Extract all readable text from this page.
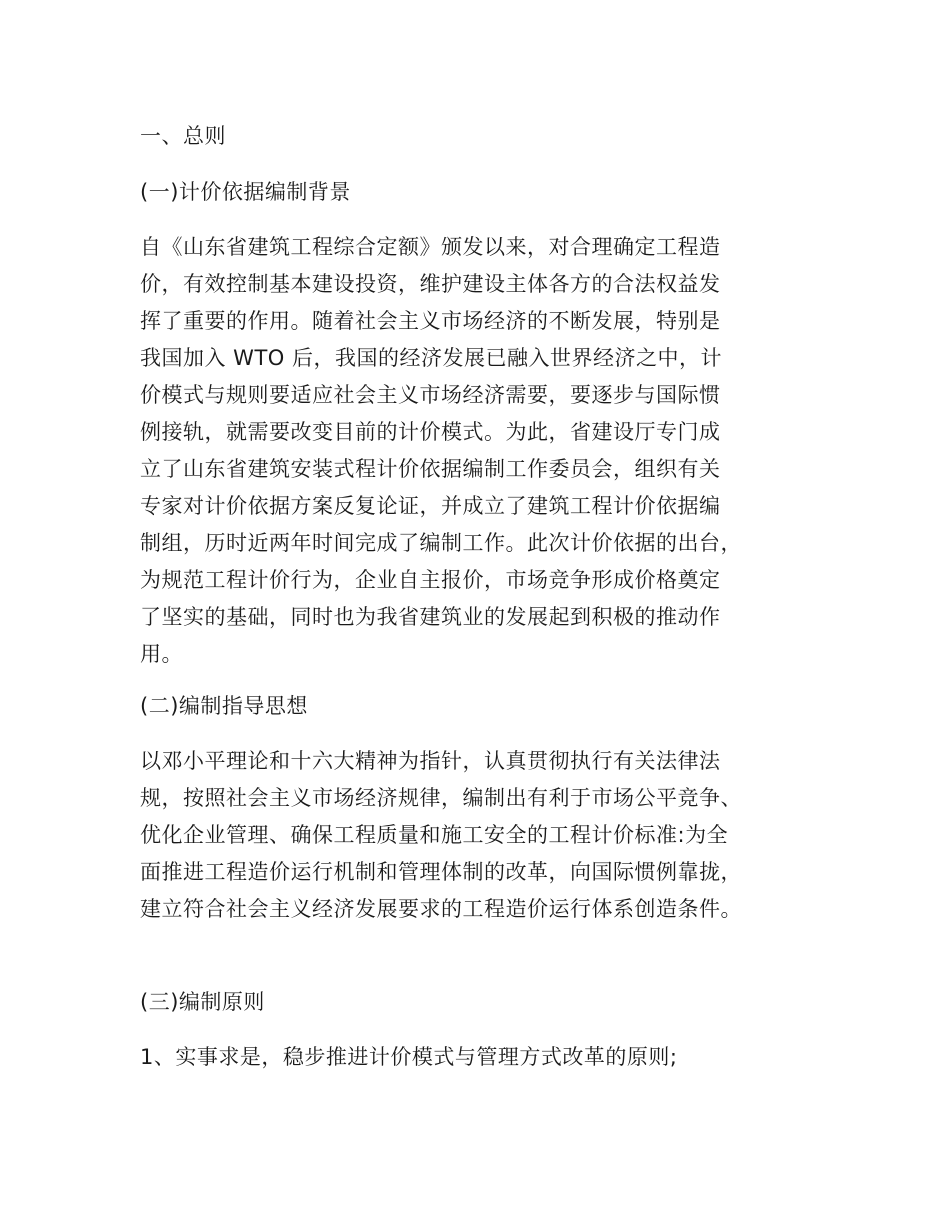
一、总则
(一)计价依据编制背景
自《山东省建筑工程综合定额》颁发以来，对合理确定工程造
价，有效控制基本建设投资，维护建设主体各方的合法权益发
挥了重要的作用。随着社会主义市场经济的不断发展，特别是
我国加入 WTO 后，我国的经济发展已融入世界经济之中，计
价模式与规则要适应社会主义市场经济需要，要逐步与国际惯
例接轨，就需要改变目前的计价模式。为此，省建设厅专门成
立了山东省建筑安装式程计价依据编制工作委员会，组织有关
专家对计价依据方案反复论证，并成立了建筑工程计价依据编
制组，历时近两年时间完成了编制工作。此次计价依据的出台，
为规范工程计价行为，企业自主报价，市场竞争形成价格奠定
了坚实的基础，同时也为我省建筑业的发展起到积极的推动作
用。
(二)编制指导思想
以邓小平理论和十六大精神为指针，认真贯彻执行有关法律法
规，按照社会主义市场经济规律，编制出有利于市场公平竞争、
优化企业管理、确保工程质量和施工安全的工程计价标准:为全
面推进工程造价运行机制和管理体制的改革，向国际惯例靠拢，
建立符合社会主义经济发展要求的工程造价运行体系创造条件。
(三)编制原则
1、实事求是，稳步推进计价模式与管理方式改革的原则;
